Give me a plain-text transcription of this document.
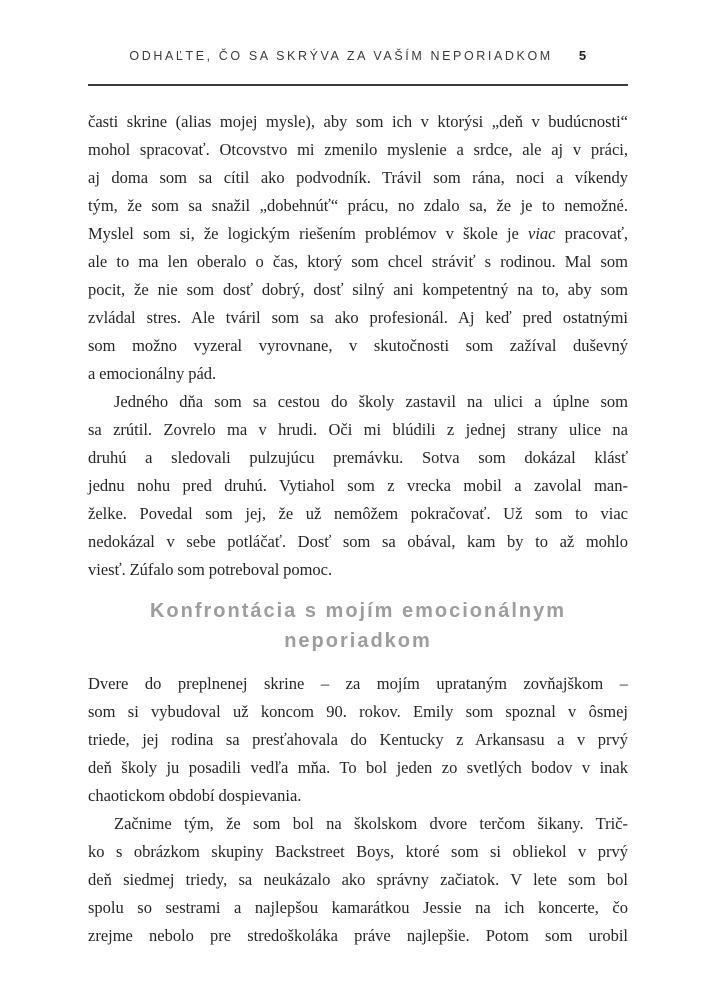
ODHAĽTE, ČO SA SKRÝVA ZA VAŠÍM NEPORIADKOM 5
časti skrine (alias mojej mysle), aby som ich v ktorýsi „deň v budúcnosti“
mohol spracovať. Otcovstvo mi zmenilo myslenie a srdce, ale aj v práci,
aj doma som sa cítil ako podvodník. Trávil som rána, noci a víkendy
tým, že som sa snažil „dobehnúť“ prácu, no zdalo sa, že je to nemožné.
Myslel som si, že logickým riešením problémov v škole je viac pracovať,
ale to ma len oberalo o čas, ktorý som chcel stráviť s rodinou. Mal som
pocit, že nie som dosť dobrý, dosť silný ani kompetentný na to, aby som
zvládal stres. Ale tváril som sa ako profesionál. Aj keď pred ostatnými
som možno vyzeral vyrovnane, v skutočnosti som zažíval duševný
a emocionálny pád.
Jedného dňa som sa cestou do školy zastavil na ulici a úplne som
sa zrútil. Zovrelo ma v hrudi. Oči mi blúdili z jednej strany ulice na
druhú a sledovali pulzujúcu premávku. Sotva som dokázal klásť
jednu nohu pred druhú. Vytiahol som z vrecka mobil a zavolal man-
želke. Povedal som jej, že už nemôžem pokračovať. Už som to viac
nedokázal v sebe potláčať. Dosť som sa obával, kam by to až mohlo
viesť. Zúfalo som potreboval pomoc.
Konfrontácia s mojím emocionálnym
neporiadkom
Dvere do preplnenej skrine – za mojím uprataným zovňajškom –
som si vybudoval už koncom 90. rokov. Emily som spoznal v ôsmej
triede, jej rodina sa presťahovala do Kentucky z Arkansasu a v prvý
deň školy ju posadili vedľa mňa. To bol jeden zo svetlých bodov v inak
chaotickom období dospievania.
Začnime tým, že som bol na školskom dvore terčom šikany. Trič-
ko s obrázkom skupiny Backstreet Boys, ktoré som si obliekol v prvý
deň siedmej triedy, sa neukázalo ako správny začiatok. V lete som bol
spolu so sestrami a najlepšou kamarátkou Jessie na ich koncerte, čo
zrejme nebolo pre stredoškoláka práve najlepšie. Potom som urobil
